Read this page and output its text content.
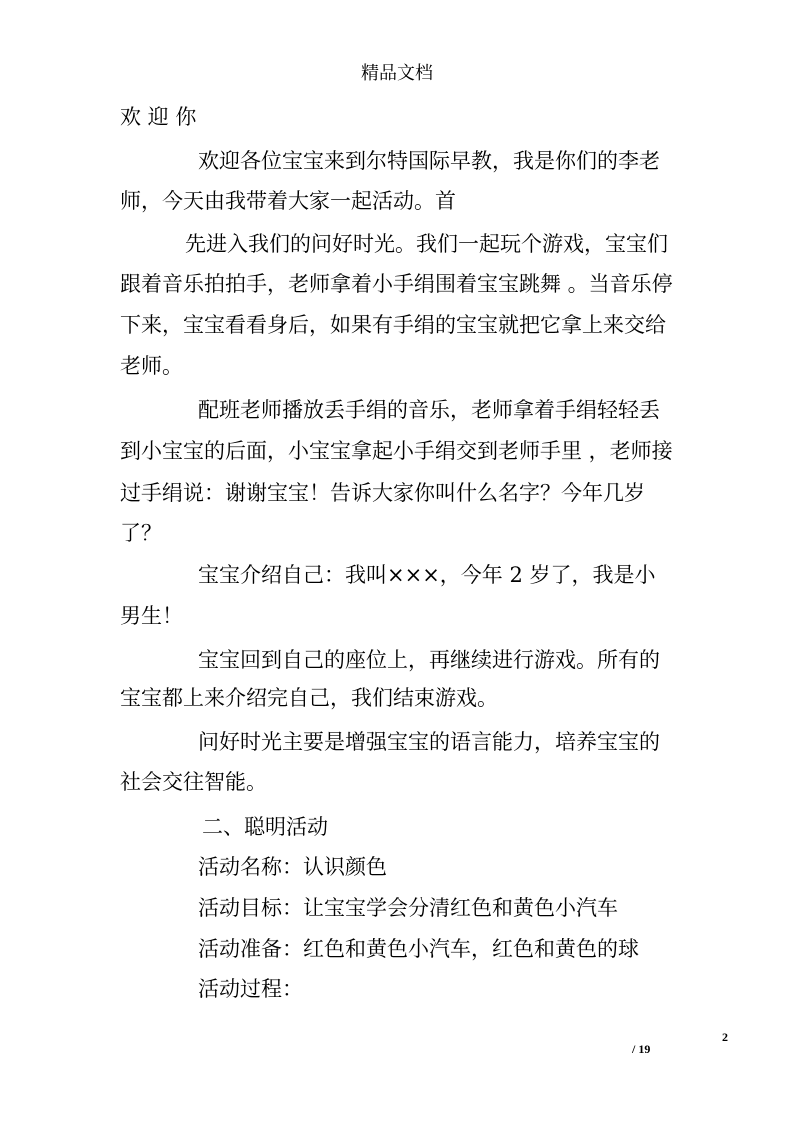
精品文档
欢 迎 你
欢迎各位宝宝来到尔特国际早教，我是你们的李老
师，今天由我带着大家一起活动。首
先进入我们的问好时光。我们一起玩个游戏，宝宝们
跟着音乐拍拍手，老师拿着小手绢围着宝宝跳舞 。当音乐停
下来，宝宝看看身后，如果有手绢的宝宝就把它拿上来交给
老师。
配班老师播放丢手绢的音乐，老师拿着手绢轻轻丢
到小宝宝的后面，小宝宝拿起小手绢交到老师手里 ，老师接
过手绢说：谢谢宝宝！告诉大家你叫什么名字？今年几岁
了？
宝宝介绍自己：我叫×××，今年 2 岁了，我是小
男生！
宝宝回到自己的座位上，再继续进行游戏。所有的
宝宝都上来介绍完自己，我们结束游戏。
问好时光主要是增强宝宝的语言能力，培养宝宝的
社会交往智能。
二、聪明活动
活动名称：认识颜色
活动目标：让宝宝学会分清红色和黄色小汽车
活动准备：红色和黄色小汽车，红色和黄色的球
活动过程：
2
/ 19
